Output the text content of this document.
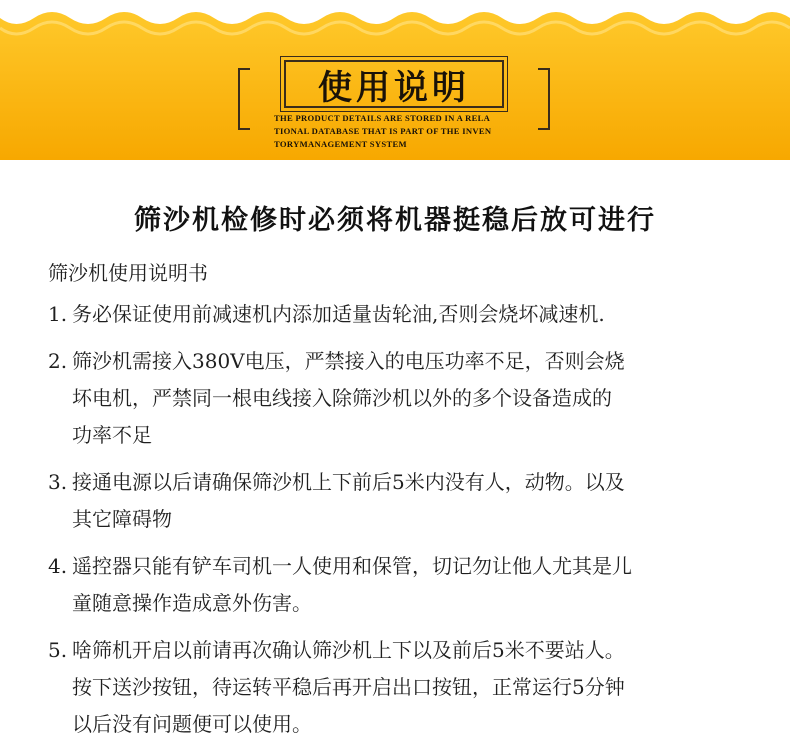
使用说明
THE PRODUCT DETAILS ARE STORED IN A RELA
TIONAL DATABASE THAT IS PART OF THE INVEN
TORYMANAGEMENT SYSTEM
筛沙机检修时必须将机器挺稳后放可进行
筛沙机使用说明书
1. 务必保证使用前减速机内添加适量齿轮油,否则会烧坏减速机.
2. 筛沙机需接入380V电压，严禁接入的电压功率不足，否则会烧
坏电机，严禁同一根电线接入除筛沙机以外的多个设备造成的
功率不足
3. 接通电源以后请确保筛沙机上下前后5米内没有人，动物。以及
其它障碍物
4. 遥控器只能有铲车司机一人使用和保管，切记勿让他人尤其是儿
童随意操作造成意外伤害。
5. 啥筛机开启以前请再次确认筛沙机上下以及前后5米不要站人。
按下送沙按钮，待运转平稳后再开启出口按钮，正常运行5分钟
以后没有问题便可以使用。
